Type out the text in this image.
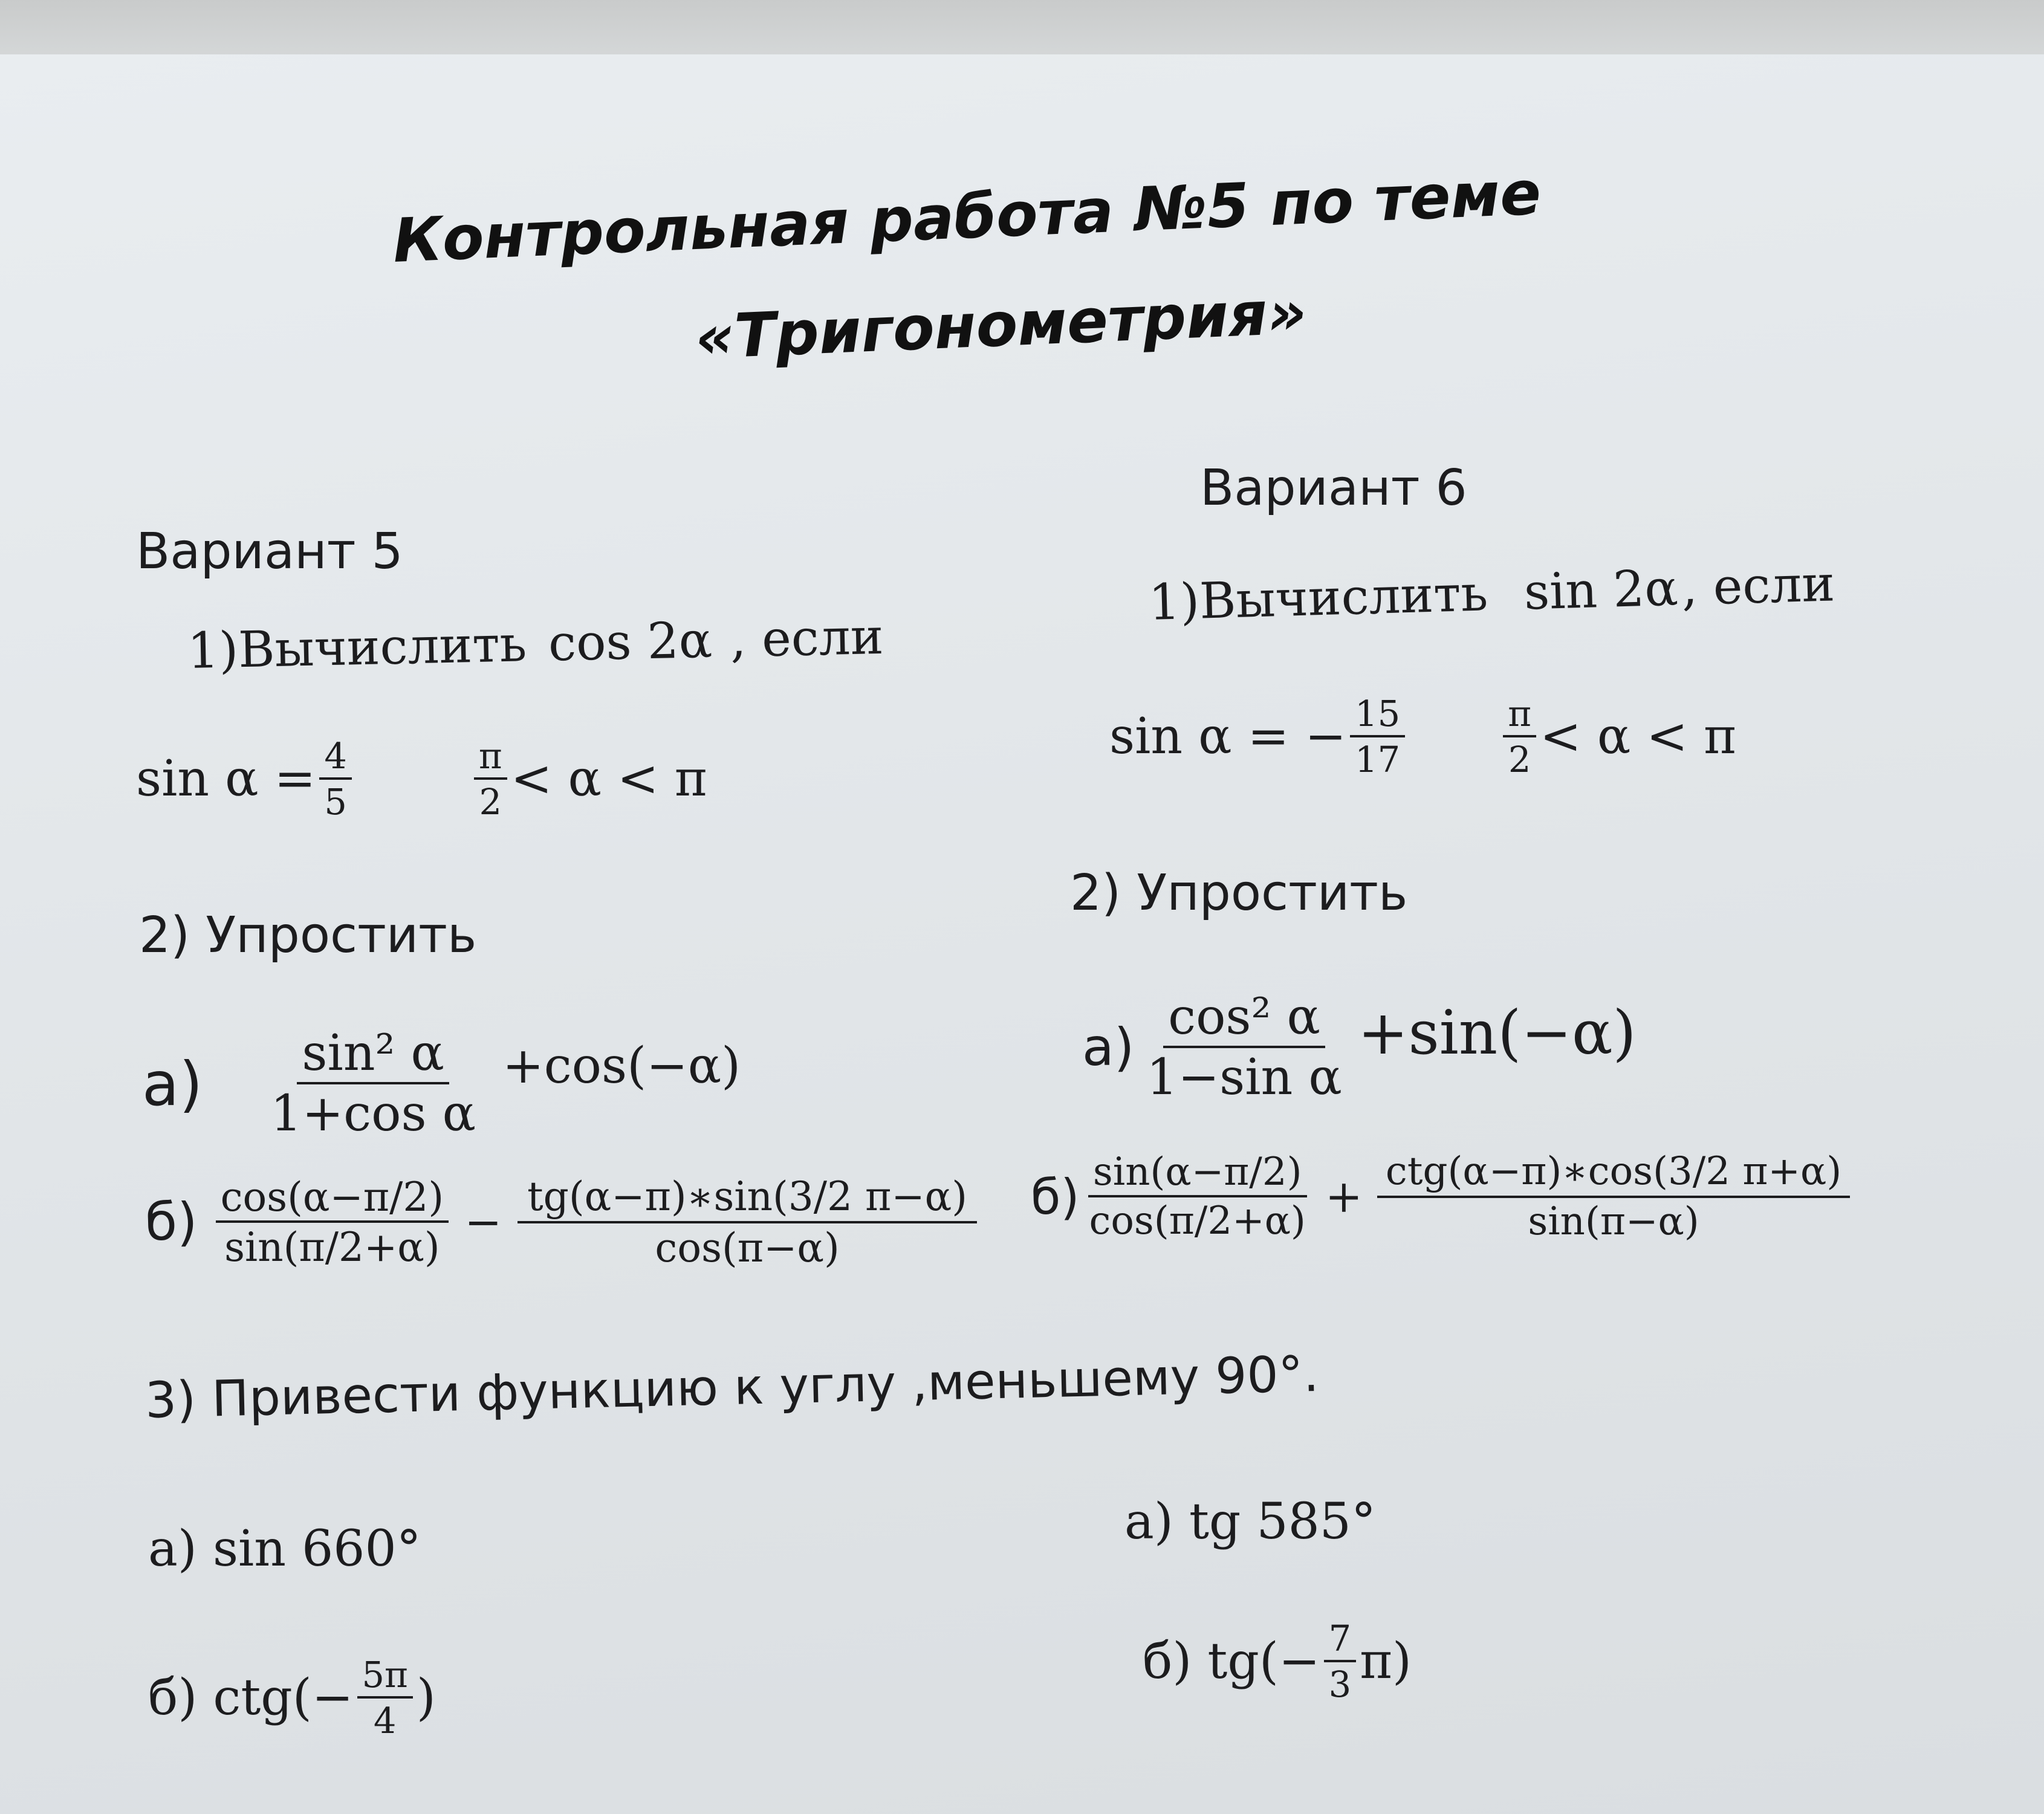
Контрольная работа №5 по теме
«Тригонометрия»
Вариант 5
1)Вычислить cos 2α , если
$\sin \alpha = \frac{4}{5}$	$\frac{\pi}{2} < \alpha < \pi$
2) Упростить
$а) \frac{\text{sin² α}}{\text{1+cos α}} +\cos(-\alpha)$
$б) \frac{\cos(\alpha-\pi/2)}{\sin(\pi/2+\alpha)} - \frac{tg(\alpha-\pi)∗\sin(3/2 \pi-\alpha)}{\cos(\pi-\alpha)}$
3) Привести функцию к углу ,меньшему 90°.
а) sin 660°
б) $ctg(- \frac{5\pi}{4}$ )
Вариант 6
1)Вычислить sin 2α , если
sin α = − $\frac{15}{17}$	$\frac{\pi}{2} < \alpha < \pi$
2) Упростить
$а) \frac{\text{cos² α}}{\text{1−sin α}} +\sin(-\alpha)$
$б) \frac{\sin(\alpha-\pi/2)}{\cos(\pi/2+\alpha)} + \frac{\text{ctg(α−π)∗cos(3/2 π+α)}}{\sin(\pi-\alpha)}$
а) tg 585°
б) $tg(- \frac{7}{3} \pi)$
